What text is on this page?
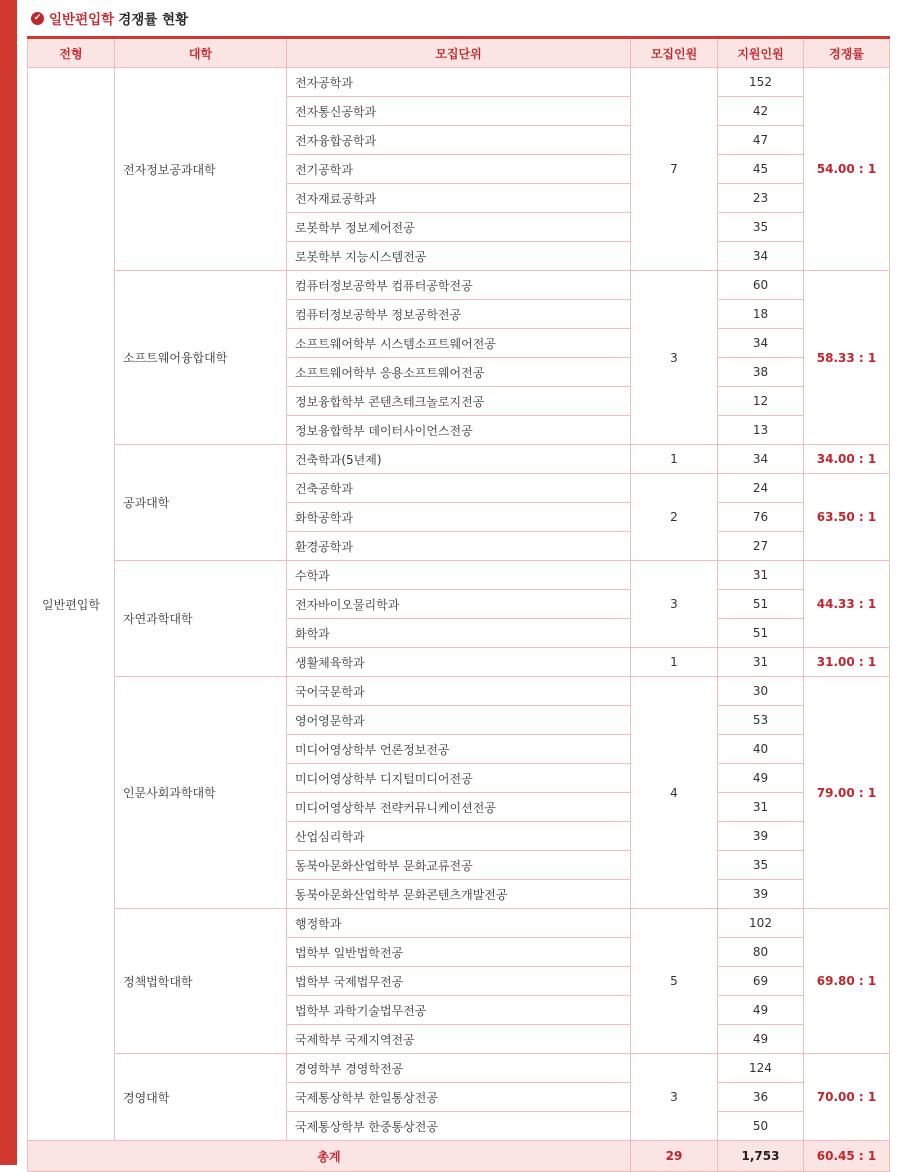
✔ 일반편입학 경쟁률 현황
전형	대학	모집단위	모집인원	지원인원	경쟁률
일반편입학	전자정보공과대학	전자공학과	7	152	54.00 : 1
		전자통신공학과		42	
		전자융합공학과		47	
		전기공학과		45	
		전자재료공학과		23	
		로봇학부 정보제어전공		35	
		로봇학부 지능시스템전공		34	
	소프트웨어융합대학	컴퓨터정보공학부 컴퓨터공학전공	3	60	58.33 : 1
		컴퓨터정보공학부 정보공학전공		18	
		소프트웨어학부 시스템소프트웨어전공		34	
		소프트웨어학부 응용소프트웨어전공		38	
		정보융합학부 콘텐츠테크놀로지전공		12	
		정보융합학부 데이터사이언스전공		13	
	공과대학	건축학과(5년제)	1	34	34.00 : 1
		건축공학과	2	24	63.50 : 1
		화학공학과		76	
		환경공학과		27	
	자연과학대학	수학과	3	31	44.33 : 1
		전자바이오물리학과		51	
		화학과		51	
		생활체육학과	1	31	31.00 : 1
	인문사회과학대학	국어국문학과	4	30	79.00 : 1
		영어영문학과		53	
		미디어영상학부 언론정보전공		40	
		미디어영상학부 디지털미디어전공		49	
		미디어영상학부 전략커뮤니케이션전공		31	
		산업심리학과		39	
		동북아문화산업학부 문화교류전공		35	
		동북아문화산업학부 문화콘텐츠개발전공		39	
	정책법학대학	행정학과	5	102	69.80 : 1
		법학부 일반법학전공		80	
		법학부 국제법무전공		69	
		법학부 과학기술법무전공		49	
		국제학부 국제지역전공		49	
	경영대학	경영학부 경영학전공	3	124	70.00 : 1
		국제통상학부 한일통상전공		36	
		국제통상학부 한중통상전공		50	
총계			29	1,753	60.45 : 1
